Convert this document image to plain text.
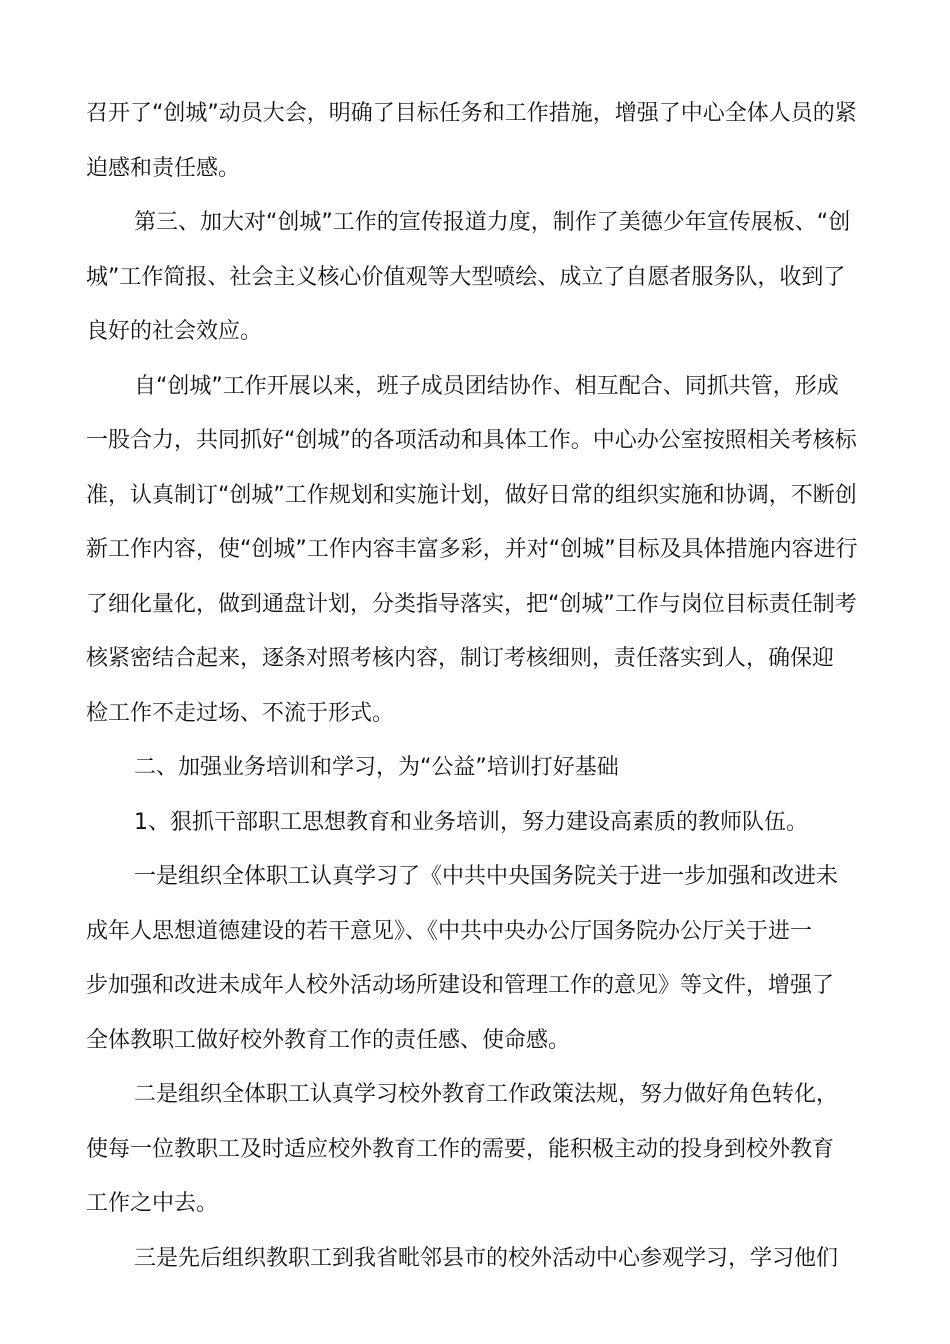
召开了“创城”动员大会，明确了目标任务和工作措施，增强了中心全体人员的紧
迫感和责任感。
第三、加大对“创城”工作的宣传报道力度，制作了美德少年宣传展板、“创
城”工作简报、社会主义核心价值观等大型喷绘、成立了自愿者服务队，收到了
良好的社会效应。
自“创城”工作开展以来，班子成员团结协作、相互配合、同抓共管，形成
一股合力，共同抓好“创城”的各项活动和具体工作。中心办公室按照相关考核标
准，认真制订“创城”工作规划和实施计划，做好日常的组织实施和协调，不断创
新工作内容，使“创城”工作内容丰富多彩，并对“创城”目标及具体措施内容进行
了细化量化，做到通盘计划，分类指导落实，把“创城”工作与岗位目标责任制考
核紧密结合起来，逐条对照考核内容，制订考核细则，责任落实到人，确保迎
检工作不走过场、不流于形式。
二、加强业务培训和学习，为“公益”培训打好基础
1、狠抓干部职工思想教育和业务培训，努力建设高素质的教师队伍。
一是组织全体职工认真学习了《中共中央国务院关于进一步加强和改进未
成年人思想道德建设的若干意见》、《中共中央办公厅国务院办公厅关于进一
步加强和改进未成年人校外活动场所建设和管理工作的意见》等文件，增强了
全体教职工做好校外教育工作的责任感、使命感。
二是组织全体职工认真学习校外教育工作政策法规，努力做好角色转化，
使每一位教职工及时适应校外教育工作的需要，能积极主动的投身到校外教育
工作之中去。
三是先后组织教职工到我省毗邻县市的校外活动中心参观学习，学习他们
